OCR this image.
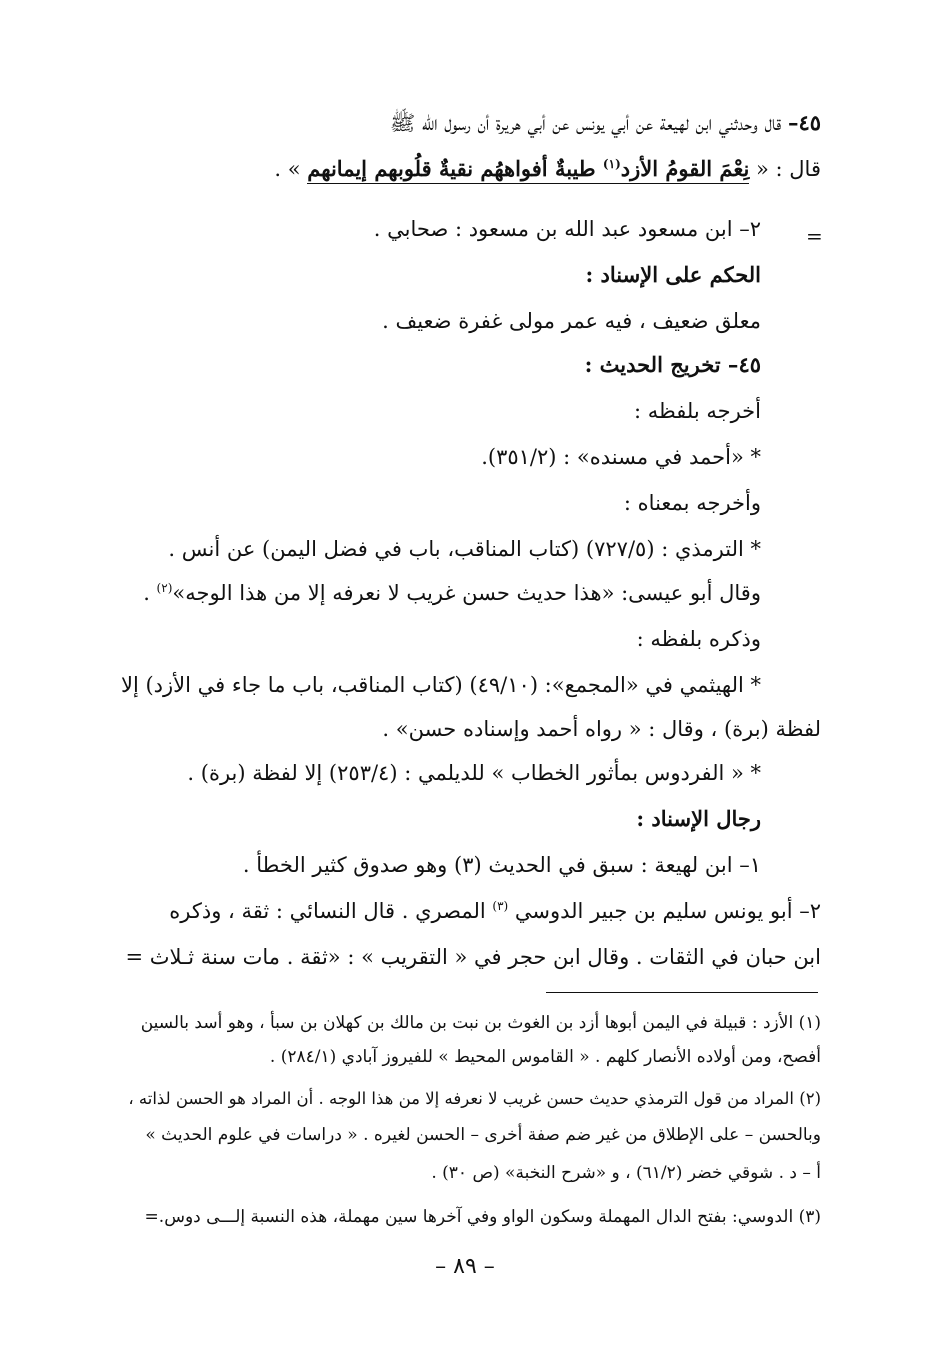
٤٥– قال وحدثني ابن لهيعة عن أبي يونس عن أبي هريرة أن رسول الله ﷺ
قال : « نِعْمَ القومُ الأزد$^{(١)}$ طيبةٌ أفواههُم نقيةٌ قلُوبهم إيمانهم » .
=
٢– ابن مسعود عبد الله بن مسعود : صحابي .
الحكم على الإسناد :
معلق ضعيف ، فيه عمر مولى غفرة ضعيف .
٤٥– تخريج الحديث :
أخرجه بلفظه :
* «أحمد في مسنده» : (٣٥١/٢).
وأخرجه بمعناه :
* الترمذي : (٧٢٧/٥) (كتاب المناقب، باب في فضل اليمن) عن أنس .
وقال أبو عيسى: «هذا حديث حسن غريب لا نعرفه إلا من هذا الوجه»$^{(٢)}$ .
وذكره بلفظه :
* الهيثمي في «المجمع»: (٤٩/١٠) (كتاب المناقب، باب ما جاء في الأزد) إلا
لفظة (برة) ، وقال : « رواه أحمد وإسناده حسن» .
* « الفردوس بمأثور الخطاب » للديلمي : (٢٥٣/٤) إلا لفظة (برة) .
رجال الإسناد :
١– ابن لهيعة : سبق في الحديث (٣) وهو صدوق كثير الخطأ .
٢– أبو يونس سليم بن جبير الدوسي $^{(٣)}$ المصري . قال النسائي : ثقة ، وذكره
ابن حبان في الثقات . وقال ابن حجر في « التقريب » : «ثقة . مات سنة ثـلاث =
(١) الأزد : قبيلة في اليمن أبوها أزد بن الغوث بن نبت بن مالك بن كهلان بن سبأ ، وهو أسد بالسين
أفصح، ومن أولاده الأنصار كلهم . « القاموس المحيط » للفيروز آبادي (٢٨٤/١) .
(٢) المراد من قول الترمذي حديث حسن غريب لا نعرفه إلا من هذا الوجه . أن المراد هو الحسن لذاته ،
وبالحسن – على الإطلاق من غير ضم صفة أخرى – الحسن لغيره . « دراسات في علوم الحديث »
أ – د . شوقي خضر (٦١/٢) ، و «شرح النخبة» (ص ٣٠) .
(٣) الدوسي: بفتح الدال المهملة وسكون الواو وفي آخرها سين مهملة، هذه النسبة إلـــى دوس.=
– ٨٩ –
